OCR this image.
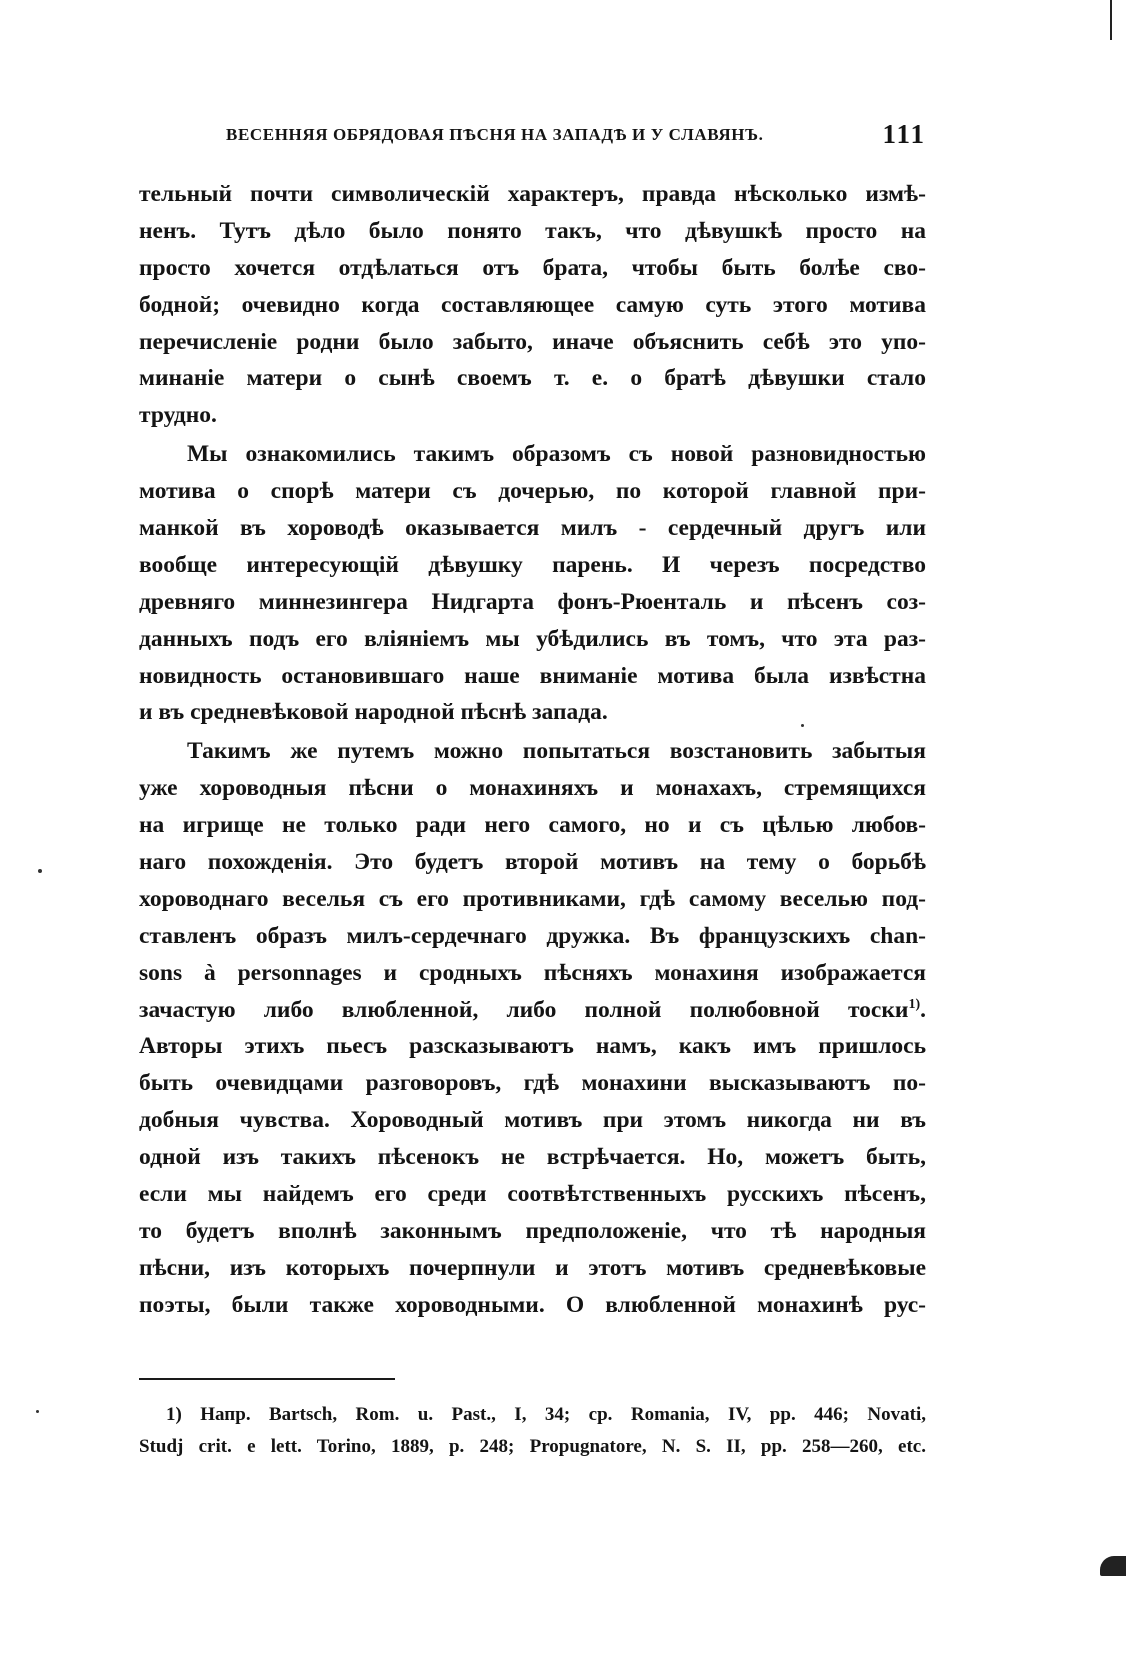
ВЕСЕННЯЯ ОБРЯДОВАЯ ПѢСНЯ НА ЗАПАДѢ И У СЛАВЯНЪ.	111
тельный почти символическій характеръ, правда нѣсколько измѣ-
ненъ. Тутъ дѣло было понято такъ, что дѣвушкѣ просто на
просто хочется отдѣлаться отъ брата, чтобы быть болѣе сво-
бодной; очевидно когда составляющее самую суть этого мотива
перечисленіе родни было забыто, иначе объяснить себѣ это упо-
минаніе матери о сынѣ своемъ т. е. о братѣ дѣвушки стало
трудно.
Мы ознакомились такимъ образомъ съ новой разновидностью
мотива о спорѣ матери съ дочерью, по которой главной при-
манкой въ хороводѣ оказывается милъ - сердечный другъ или
вообще интересующій дѣвушку парень. И черезъ посредство
древняго миннезингера Нидгарта фонъ-Рюенталь и пѣсенъ соз-
данныхъ подъ его вліяніемъ мы убѣдились въ томъ, что эта раз-
новидность остановившаго наше вниманіе мотива была извѣстна
и въ средневѣковой народной пѣснѣ запада.
Такимъ же путемъ можно попытаться возстановить забытыя
уже хороводныя пѣсни о монахиняхъ и монахахъ, стремящихся
на игрище не только ради него самого, но и съ цѣлью любов-
наго похожденія. Это будетъ второй мотивъ на тему о борьбѣ
хороводнаго веселья съ его противниками, гдѣ самому веселью под-
ставленъ образъ милъ-сердечнаго дружка. Въ французскихъ chan-
sons à personnages и сродныхъ пѣсняхъ монахиня изображается
зачастую либо влюбленной, либо полной полюбовной тоски$^{1)}$.
Авторы этихъ пьесъ разсказываютъ намъ, какъ имъ пришлось
быть очевидцами разговоровъ, гдѣ монахини высказываютъ по-
добныя чувства. Хороводный мотивъ при этомъ никогда ни въ
одной изъ такихъ пѣсенокъ не встрѣчается. Но, можетъ быть,
если мы найдемъ его среди соотвѣтственныхъ русскихъ пѣсенъ,
то будетъ вполнѣ законнымъ предположеніе, что тѣ народныя
пѣсни, изъ которыхъ почерпнули и этотъ мотивъ средневѣковые
поэты, были также хороводными. О влюбленной монахинѣ рус-
1) Напр. Bartsch, Rom. u. Past., I, 34; ср. Romania, IV, pp. 446; Novati,
Studj crit. e lett. Torino, 1889, p. 248; Propugnatore, N. S. II, pp. 258—260, etc.
